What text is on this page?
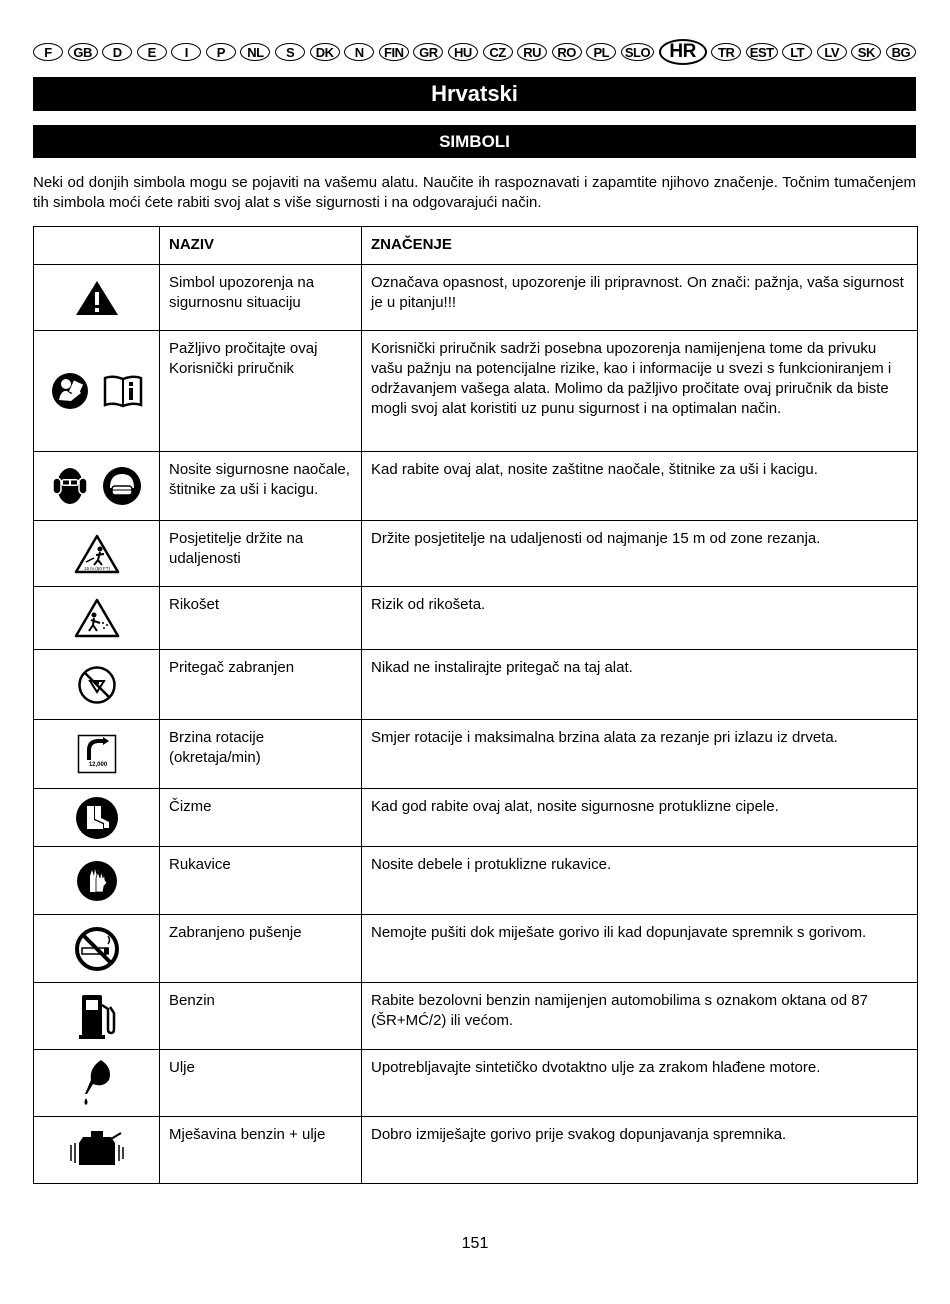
F	GB	D	E	I	P	NL	S	DK	N	FIN	GR	HU	CZ	RU	RO	PL	SLO	HR	TR	EST	LT	LV	SK	BG
Hrvatski
SIMBOLI

Neki od donjih simbola mogu se pojaviti na vašemu alatu. Naučite ih raspoznavati i zapamtite njihovo značenje. Točnim tumačenjem tih simbola moći ćete rabiti svoj alat s više sigurnosti i na odgovarajući način.

	NAZIV	ZNAČENJE

	Simbol upozorenja na sigurnosnu situaciju	Označava opasnost, upozorenje ili pripravnost. On znači: pažnja, vaša sigurnost je u pitanju!!!

	Pažljivo pročitajte ovaj Korisnički priručnik	Korisnički priručnik sadrži posebna upozorenja namijenjena tome da privuku vašu pažnju na potencijalne rizike, kao i informacije u svezi s funkcioniranjem i održavanjem vašega alata. Molimo da pažljivo pročitate ovaj priručnik da biste mogli svoj alat koristiti uz punu sigurnost i na optimalan način.

	Nosite sigurnosne naočale, štitnike za uši i kacigu.	Kad rabite ovaj alat, nosite zaštitne naočale, štitnike za uši i kacigu.

15 m (50 FT)	Posjetitelje držite na udaljenosti	Držite posjetitelje na udaljenosti od najmanje 15 m od zone rezanja.

	Rikošet	Rizik od rikošeta.

	Pritegač zabranjen	Nikad ne instalirajte pritegač na taj alat.

12,000	Brzina rotacije (okretaja/min)	Smjer rotacije i maksimalna brzina alata za rezanje pri izlazu iz drveta.

	Čizme	Kad god rabite ovaj alat, nosite sigurnosne protuklizne cipele.

	Rukavice	Nosite debele i protuklizne rukavice.

	Zabranjeno pušenje	Nemojte pušiti dok miješate gorivo ili kad dopunjavate spremnik s gorivom.

	Benzin	Rabite bezolovni benzin namijenjen automobilima s oznakom oktana od 87 (ŠR+MĆ/2) ili većom.

	Ulje	Upotrebljavajte sintetičko dvotaktno ulje za zrakom hlađene motore.

	Mješavina benzin + ulje	Dobro izmiješajte gorivo prije svakog dopunjavanja spremnika.
151
